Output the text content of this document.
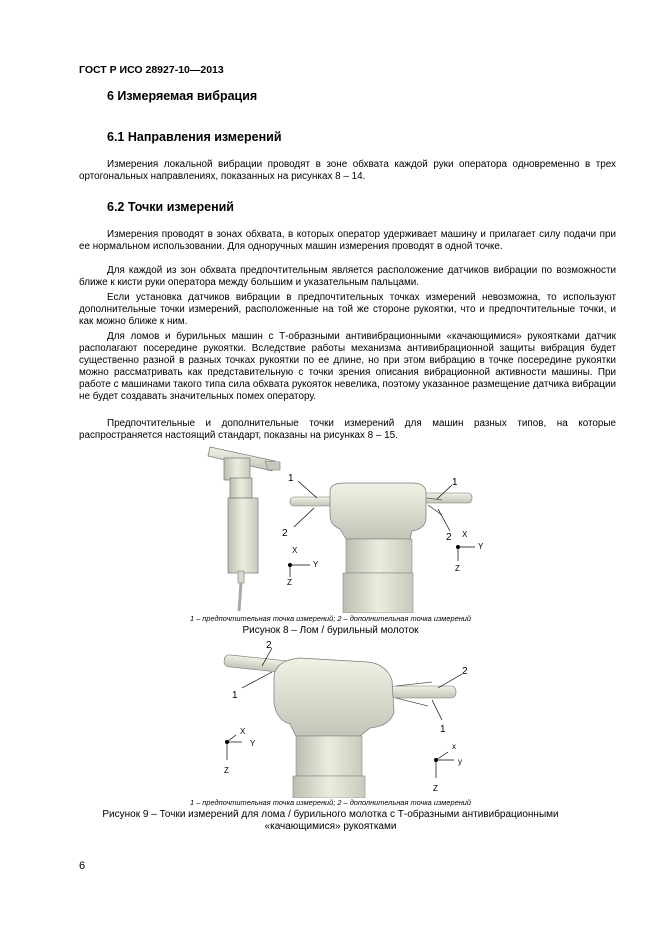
ГОСТ Р ИСО 28927-10—2013
6 Измеряемая вибрация
6.1 Направления измерений

Измерения локальной вибрации проводят в зоне обхвата каждой руки оператора одновременно в трех ортогональных направлениях, показанных на рисунках 8 – 14.

6.2 Точки измерений

Измерения проводят в зонах обхвата, в которых оператор удерживает машину и прилагает силу подачи при ее нормальном использовании. Для одноручных машин измерения проводят в одной точке.

Для каждой из зон обхвата предпочтительным является расположение датчиков вибрации по возможности ближе к кисти руки оператора между большим и указательным пальцами.

Если установка датчиков вибрации в предпочтительных точках измерений невозможна, то используют дополнительные точки измерений, расположенные на той же стороне рукоятки, что и предпочтительные точки, и как можно ближе к ним.

Для ломов и бурильных машин с Т-образными антивибрационными «качающимися» рукоятками датчик располагают посередине рукоятки. Вследствие работы механизма антивибрационной защиты вибрация будет существенно разной в разных точках рукоятки по ее длине, но при этом вибрацию в точке посередине рукоятки можно рассматривать как представительную с точки зрения описания вибрационной активности машины. При работе с машинами такого типа сила обхвата рукояток невелика, поэтому указанное размещение датчика вибрации не будет создавать значительных помех оператору.

Предпочтительные и дополнительные точки измерений для машин разных типов, на которые распространяется настоящий стандарт, показаны на рисунках 8 – 15.

1
2
1
2
X
Y
Z
X
Y
Z
1 – предпочтительная точка измерений; 2 – дополнительная точка измерений
Рисунок 8 – Лом / бурильный молоток
2
1
2
1
X
Y
Z
x
y
Z
1 – предпочтительная точка измерений; 2 – дополнительная точка измерений
Рисунок 9 – Точки измерений для лома / бурильного молотка с Т-образными антивибрационными
«качающимися» рукоятками
6
